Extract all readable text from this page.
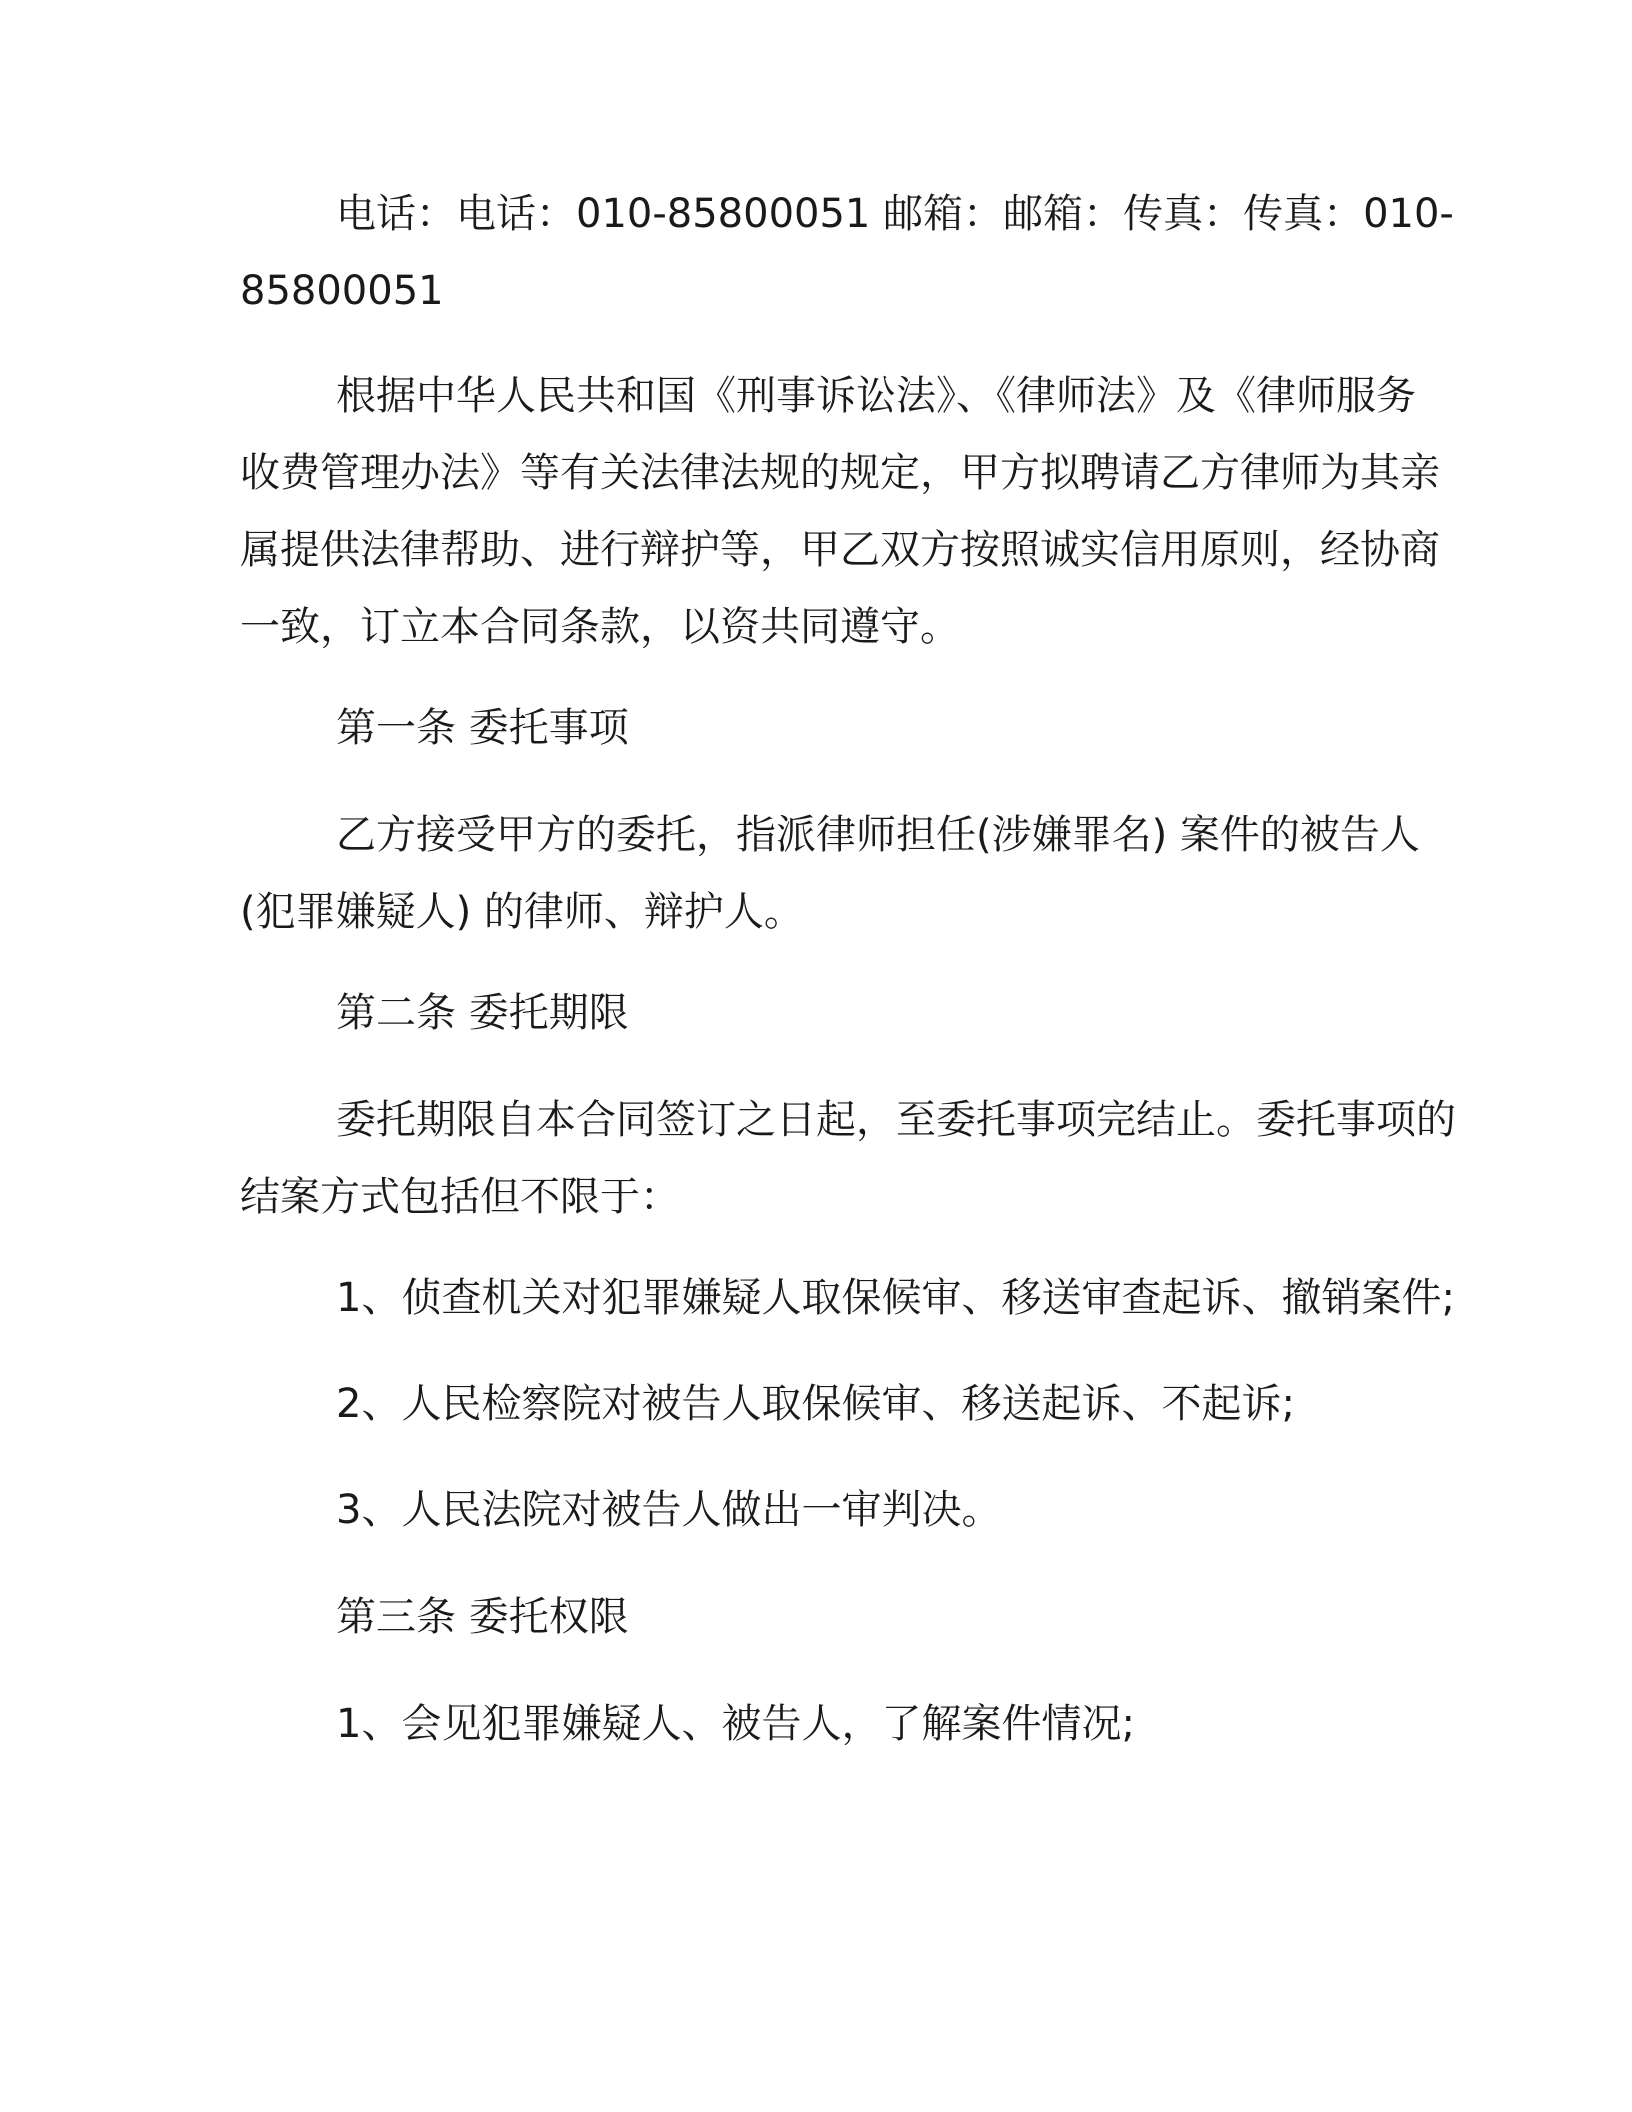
电话：电话：010-85800051 邮箱：邮箱：传真：传真：010-
85800051

根据中华人民共和国《刑事诉讼法》、《律师法》及《律师服务
收费管理办法》等有关法律法规的规定，甲方拟聘请乙方律师为其亲
属提供法律帮助、进行辩护等，甲乙双方按照诚实信用原则，经协商
一致，订立本合同条款，以资共同遵守。

第一条 委托事项

乙方接受甲方的委托，指派律师担任(涉嫌罪名) 案件的被告人
(犯罪嫌疑人) 的律师、辩护人。

第二条 委托期限

委托期限自本合同签订之日起，至委托事项完结止。委托事项的
结案方式包括但不限于：

1、侦查机关对犯罪嫌疑人取保候审、移送审查起诉、撤销案件;

2、人民检察院对被告人取保候审、移送起诉、不起诉;

3、人民法院对被告人做出一审判决。

第三条 委托权限

1、会见犯罪嫌疑人、被告人，了解案件情况;
